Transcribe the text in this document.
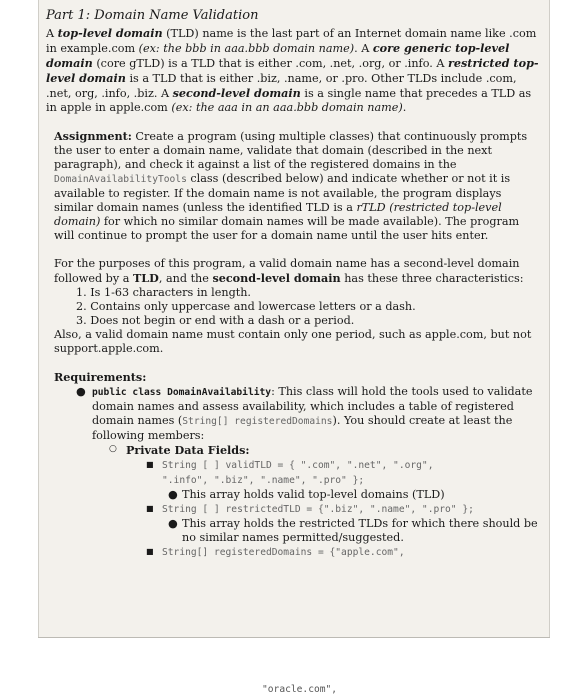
Part 1: Domain Name Validation
A top-level domain (TLD) name is the last part of an Internet domain name like .com in example.com (ex: the bbb in aaa.bbb domain name). A core generic top-level domain (core gTLD) is a TLD that is either .com, .net, .org, or .info. A restricted top-level domain is a TLD that is either .biz, .name, or .pro. Other TLDs include .com, .net, org, .info, .biz. A second-level domain is a single name that precedes a TLD as in apple in apple.com (ex: the aaa in an aaa.bbb domain name).
Assignment: Create a program (using multiple classes) that continuously prompts the user to enter a domain name, validate that domain (described in the next paragraph), and check it against a list of the registered domains in the DomainAvailabilityTools class (described below) and indicate whether or not it is available to register. If the domain name is not available, the program displays similar domain names (unless the identified TLD is a rTLD (restricted top-level domain) for which no similar domain names will be made available). The program will continue to prompt the user for a domain name until the user hits enter.
For the purposes of this program, a valid domain name has a second-level domain followed by a TLD, and the second-level domain has these three characteristics:
1. Is 1-63 characters in length.
2. Contains only uppercase and lowercase letters or a dash.
3. Does not begin or end with a dash or a period.
Also, a valid domain name must contain only one period, such as apple.com, but not support.apple.com.
Requirements:
● public class DomainAvailability: This class will hold the tools used to validate domain names and assess availability, which includes a table of registered domain names (String[] registeredDomains). You should create at least the following members:
○ Private Data Fields:
■ String [ ] validTLD = { ".com", ".net", ".org",
".info", ".biz", ".name", ".pro" };
● This array holds valid top-level domains (TLD)
■ String [ ] restrictedTLD = {".biz", ".name", ".pro" };
● This array holds the restricted TLDs for which there should be no similar names permitted/suggested.
■ String[] registeredDomains = {"apple.com",
"oracle.com",
